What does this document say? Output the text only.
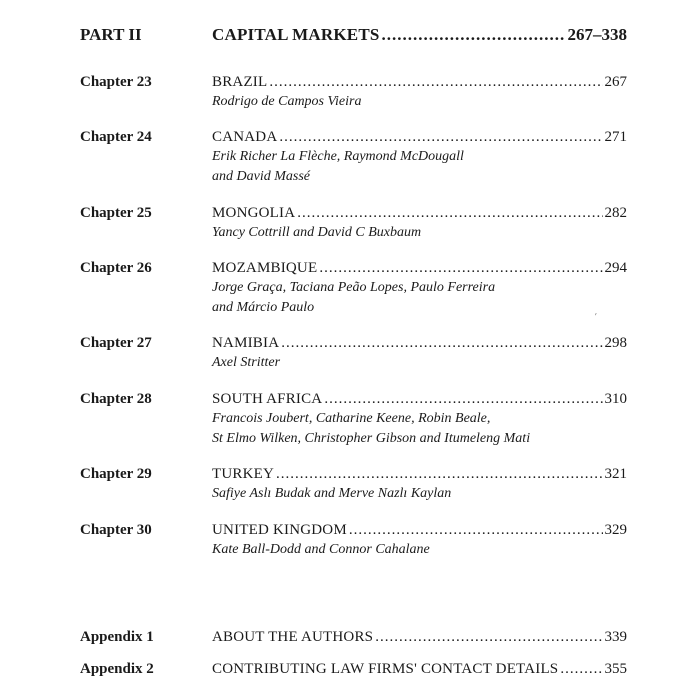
PART II	CAPITAL MARKETS .....	267–338
Chapter 23	BRAZIL .....	267
Rodrigo de Campos Vieira
Chapter 24	CANADA .....	271
Erik Richer La Flèche, Raymond McDougall
and David Massé
Chapter 25	MONGOLIA .....	282
Yancy Cottrill and David C Buxbaum
Chapter 26	MOZAMBIQUE .....	294
Jorge Graça, Taciana Peão Lopes, Paulo Ferreira
and Márcio Paulo
Chapter 27	NAMIBIA .....	298
Axel Stritter
Chapter 28	SOUTH AFRICA .....	310
Francois Joubert, Catharine Keene, Robin Beale,
St Elmo Wilken, Christopher Gibson and Itumeleng Mati
Chapter 29	TURKEY .....	321
Safiye Aslı Budak and Merve Nazlı Kaylan
Chapter 30	UNITED KINGDOM .....	329
Kate Ball-Dodd and Connor Cahalane
Appendix 1	ABOUT THE AUTHORS .....	339
Appendix 2	CONTRIBUTING LAW FIRMS' CONTACT DETAILS .....	355
´
